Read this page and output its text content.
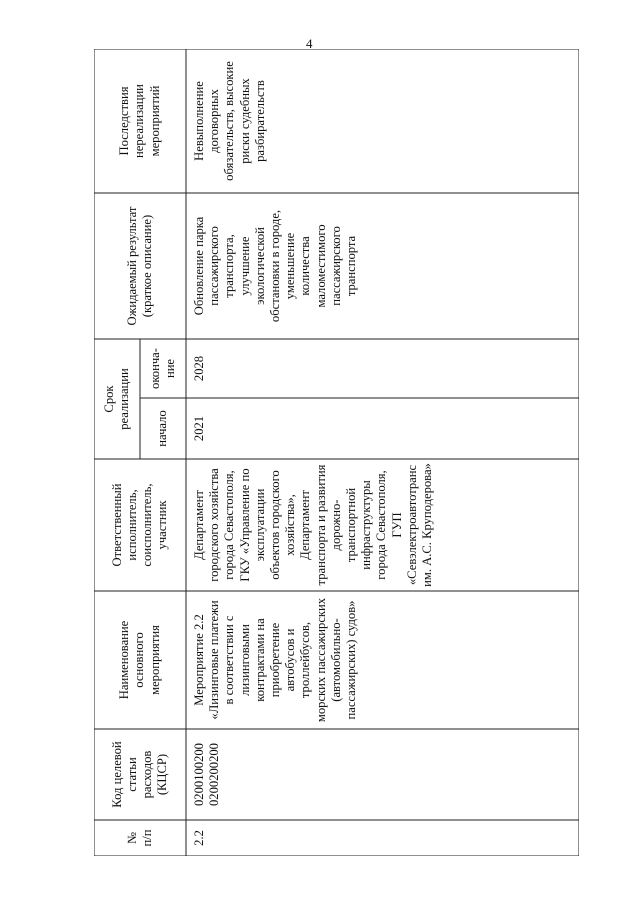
4
№
п/п
Код целевой
статьи
расходов
(КЦСР)
Наименование
основного
мероприятия
Ответственный
исполнитель,
соисполнитель,
участник
Срок
реализации начало
оконча-
ние
Ожидаемый результат
(краткое описание)
Последствия
нереализации
мероприятий
2.2
0200100200
0200200200
Мероприятие 2.2
«Лизинговые платежи
в соответствии с
лизинговыми
контрактами на
приобретение
автобусов и
троллейбусов,
морских пассажирских
(автомобильно-
пассажирских) судов»
Департамент
городского хозяйства
города Севастополя,
ГКУ «Управление по
эксплуатации
объектов городского
хозяйства»,
Департамент
транспорта и развития
дорожно-
транспортной
инфраструктуры
города Севастополя,
ГУП
«Севэлектроавтотранс
им. А.С. Круподерова»
2021
2028
Обновление парка
пассажирского
транспорта,
улучшение
экологической
обстановки в городе,
уменьшение
количества
маломестимого
пассажирского
транспорта
Невыполнение
договорных
обязательств, высокие
риски судебных
разбирательств
